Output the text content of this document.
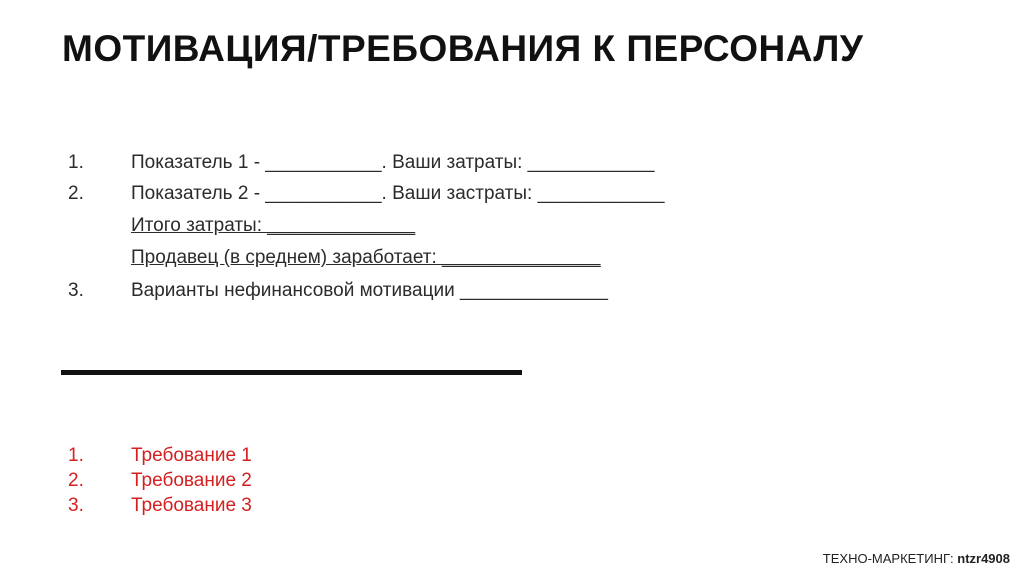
МОТИВАЦИЯ/ТРЕБОВАНИЯ К ПЕРСОНАЛУ
1. Показатель 1 - ___________. Ваши затраты: ____________
2. Показатель 2 - ___________. Ваши застраты: ____________
Итого затраты: ______________
Продавец (в среднем) заработает: _______________
3. Варианты нефинансовой мотивации ______________
1. Требование 1
2. Требование 2
3. Требование 3
ТЕХНО-МАРКЕТИНГ: ntzr4908
